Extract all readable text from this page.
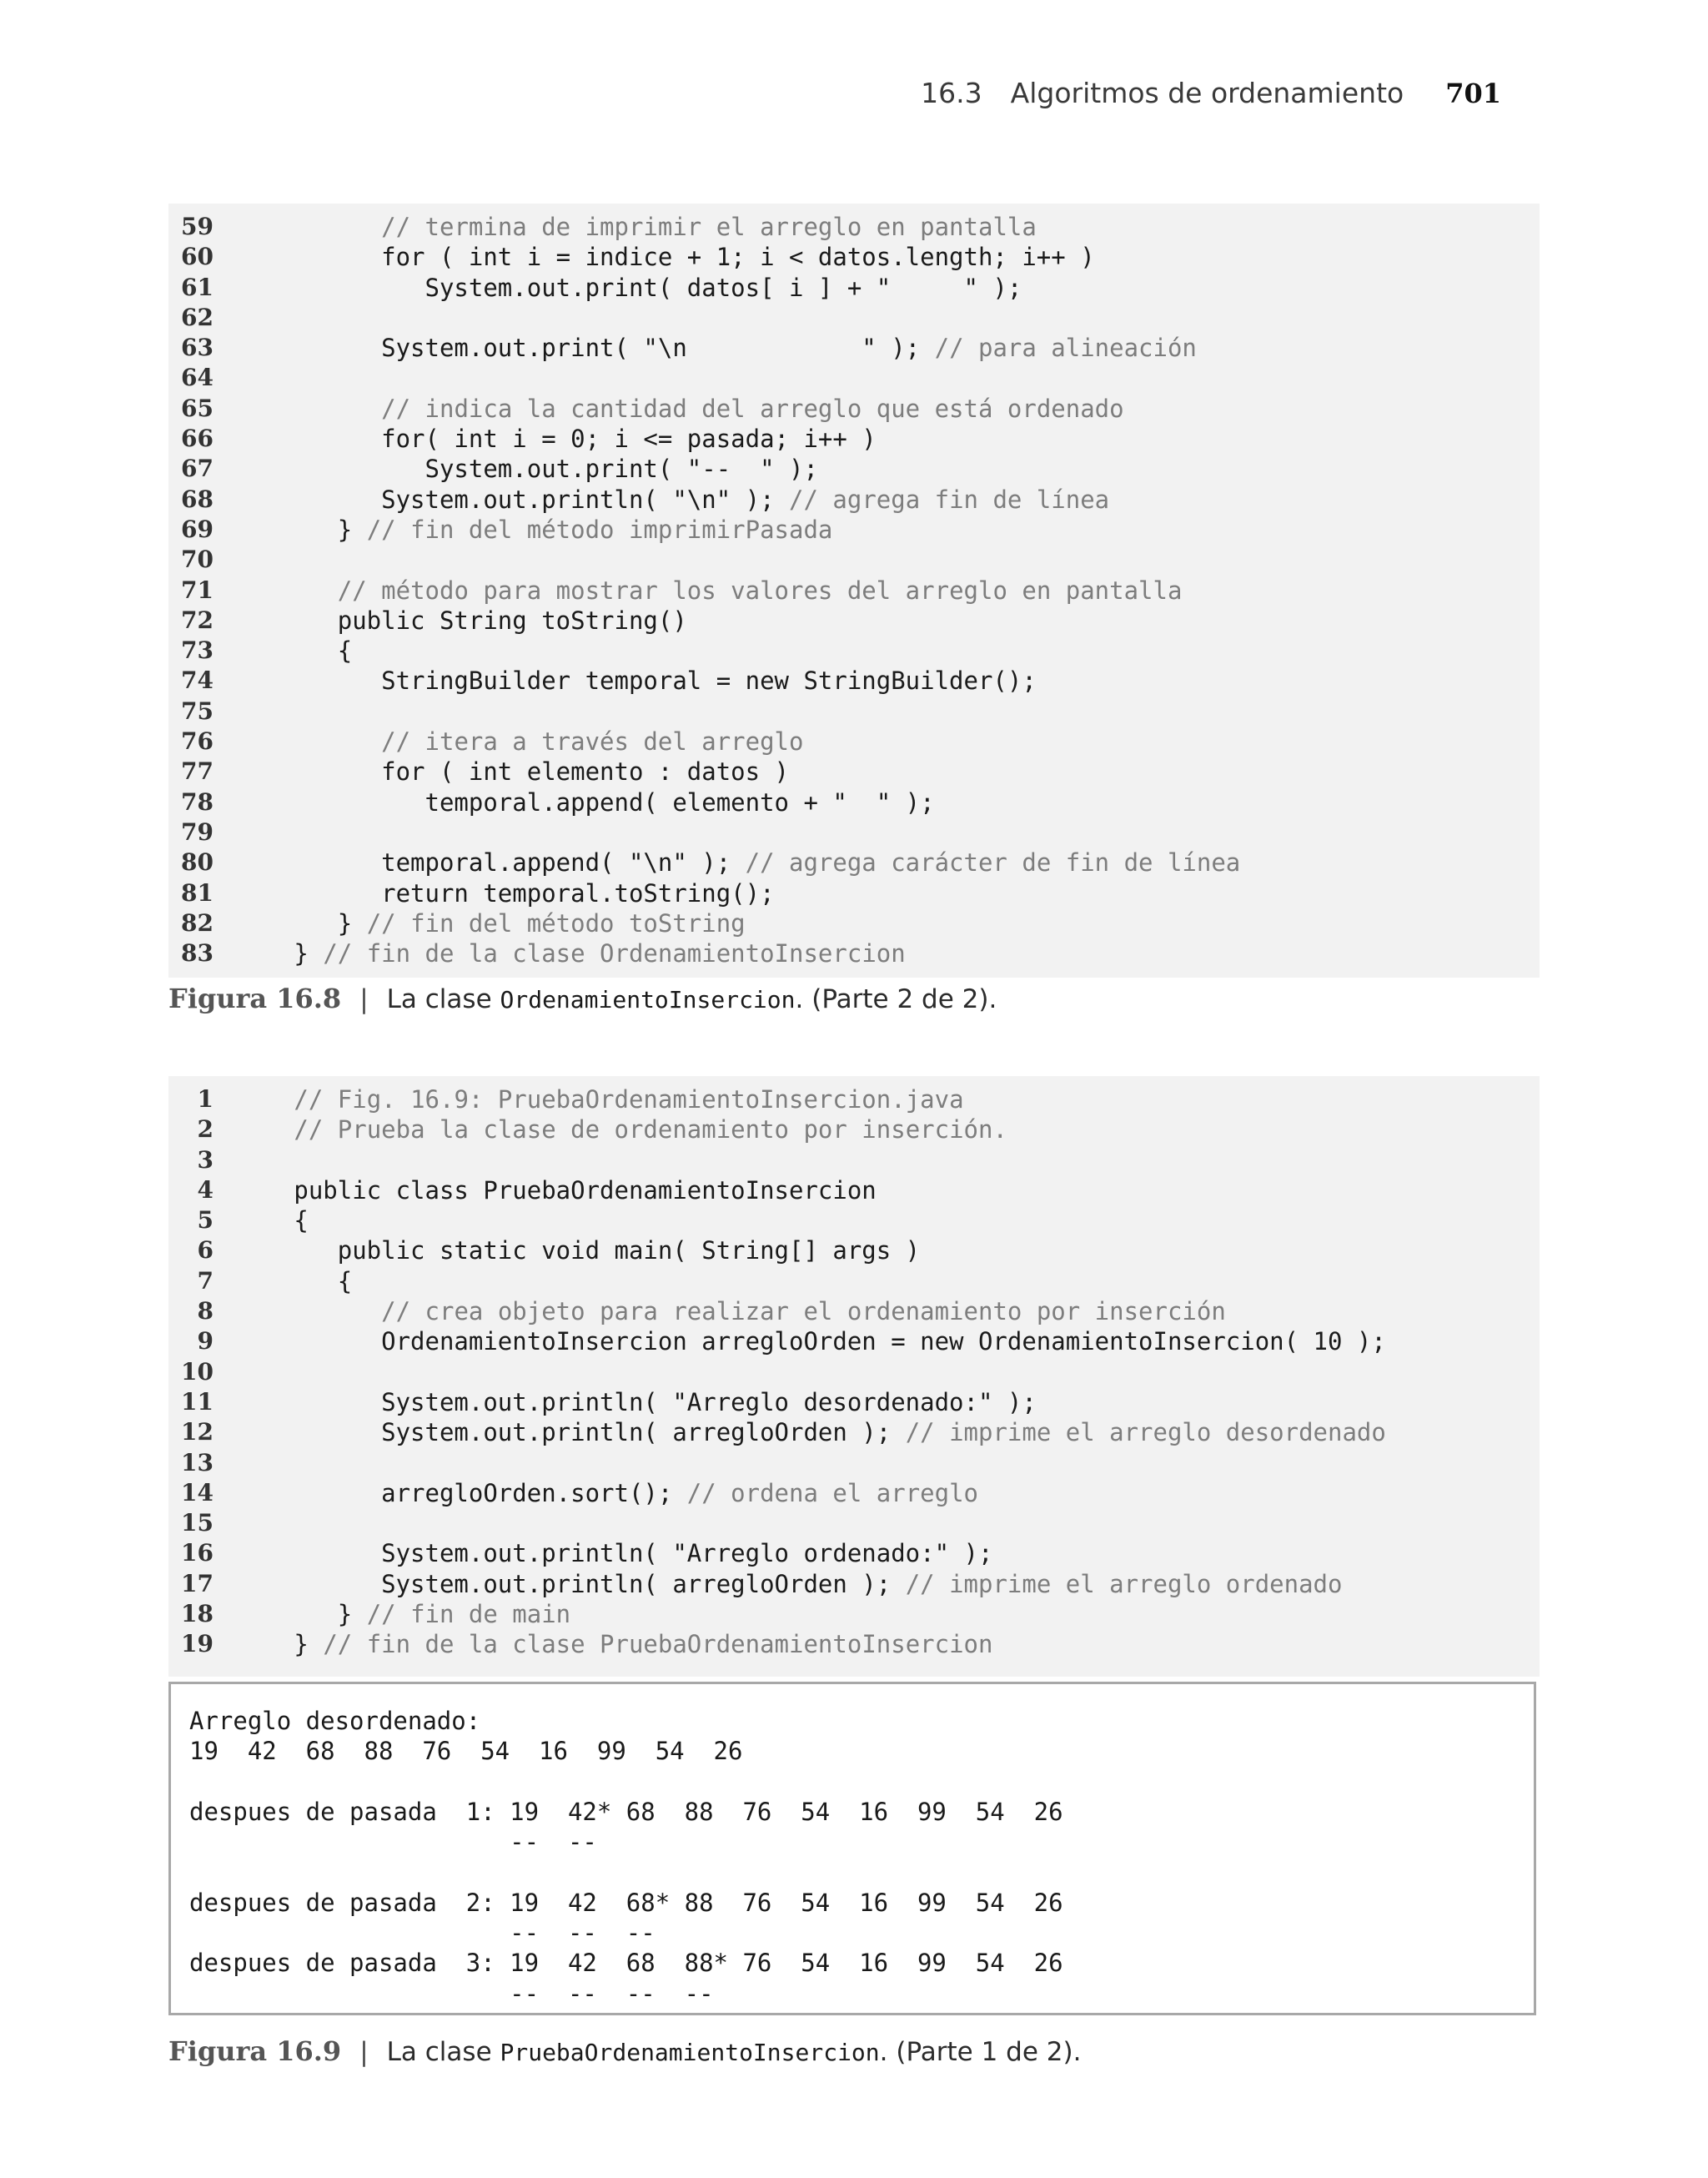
16.3 Algoritmos de ordenamiento 701
59	// termina de imprimir el arreglo en pantalla
60	for ( int i = indice + 1; i < datos.length; i++ )
61	System.out.print( datos[ i ] + "     " );
62
63	System.out.print( "\n            " ); // para alineación
64
65	// indica la cantidad del arreglo que está ordenado
66	for( int i = 0; i <= pasada; i++ )
67	System.out.print( "--  " );
68	System.out.println( "\n" ); // agrega fin de línea
69	} // fin del método imprimirPasada
70
71	// método para mostrar los valores del arreglo en pantalla
72	public String toString()
73	{
74	StringBuilder temporal = new StringBuilder();
75
76	// itera a través del arreglo
77	for ( int elemento : datos )
78	temporal.append( elemento + "  " );
79
80	temporal.append( "\n" ); // agrega carácter de fin de línea
81	return temporal.toString();
82	} // fin del método toString
83	} // fin de la clase OrdenamientoInsercion
Figura 16.8 | La clase OrdenamientoInsercion . (Parte 2 de 2).
1	// Fig. 16.9: PruebaOrdenamientoInsercion.java
2	// Prueba la clase de ordenamiento por inserción.
3
4	public class PruebaOrdenamientoInsercion
5	{
6	public static void main( String[] args )
7	{
8	// crea objeto para realizar el ordenamiento por inserción
9	OrdenamientoInsercion arregloOrden = new OrdenamientoInsercion( 10 );
10
11	System.out.println( "Arreglo desordenado:" );
12	System.out.println( arregloOrden ); // imprime el arreglo desordenado
13
14	arregloOrden.sort(); // ordena el arreglo
15
16	System.out.println( "Arreglo ordenado:" );
17	System.out.println( arregloOrden ); // imprime el arreglo ordenado
18	} // fin de main
19	} // fin de la clase PruebaOrdenamientoInsercion
Arreglo desordenado:
19  42  68  88  76  54  16  99  54  26
despues de pasada  1: 19  42* 68  88  76  54  16  99  54  26
--  --
despues de pasada  2: 19  42  68* 88  76  54  16  99  54  26
--  --  --
despues de pasada  3: 19  42  68  88* 76  54  16  99  54  26
--  --  --  --
Figura 16.9 | La clase PruebaOrdenamientoInsercion . (Parte 1 de 2).
